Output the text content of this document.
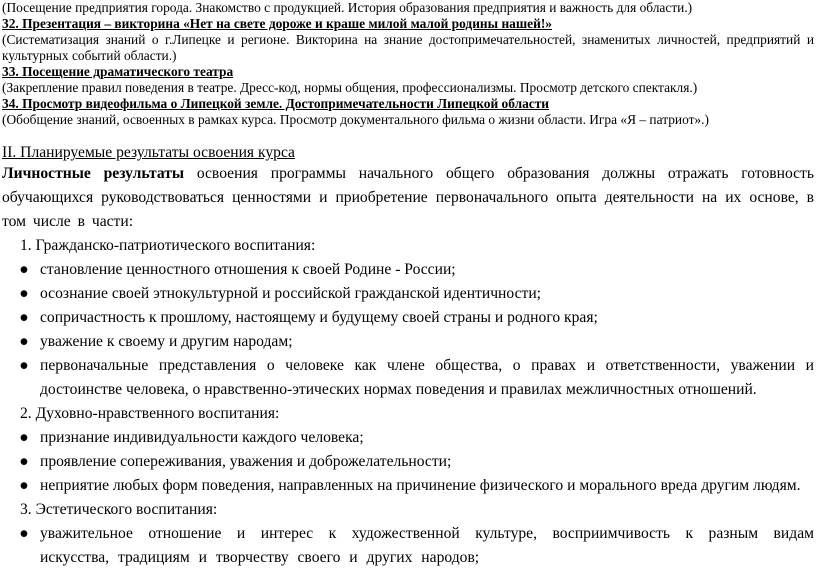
(Посещение предприятия города. Знакомство с продукцией. История образования предприятия и важность для области.)
32. Презентация – викторина «Нет на свете дороже и краше милой малой родины нашей!»
(Систематизация знаний о г.Липецке и регионе. Викторина на знание достопримечательностей, знаменитых личностей, предприятий и культурных событий области.)
33. Посещение драматического театра
(Закрепление правил поведения в театре. Дресс-код, нормы общения, профессионализмы. Просмотр детского спектакля.)
34. Просмотр видеофильма о Липецкой земле. Достопримечательности Липецкой области
(Обобщение знаний, освоенных в рамках курса. Просмотр документального фильма о жизни области. Игра «Я – патриот».)
II. Планируемые результаты освоения курса
Личностные результаты освоения программы начального общего образования должны отражать готовность обучающихся руководствоваться ценностями и приобретение первоначального опыта деятельности на их основе, в том числе в части:
1. Гражданско-патриотического воспитания:
● становление ценностного отношения к своей Родине - России;
● осознание своей этнокультурной и российской гражданской идентичности;
● сопричастность к прошлому, настоящему и будущему своей страны и родного края;
● уважение к своему и другим народам;
● первоначальные представления о человеке как члене общества, о правах и ответственности, уважении и достоинстве человека, о нравственно-этических нормах поведения и правилах межличностных отношений.
2. Духовно-нравственного воспитания:
● признание индивидуальности каждого человека;
● проявление сопереживания, уважения и доброжелательности;
● неприятие любых форм поведения, направленных на причинение физического и морального вреда другим людям.
3. Эстетического воспитания:
● уважительное отношение и интерес к художественной культуре, восприимчивость к разным видам искусства, традициям и творчеству своего и других народов;
